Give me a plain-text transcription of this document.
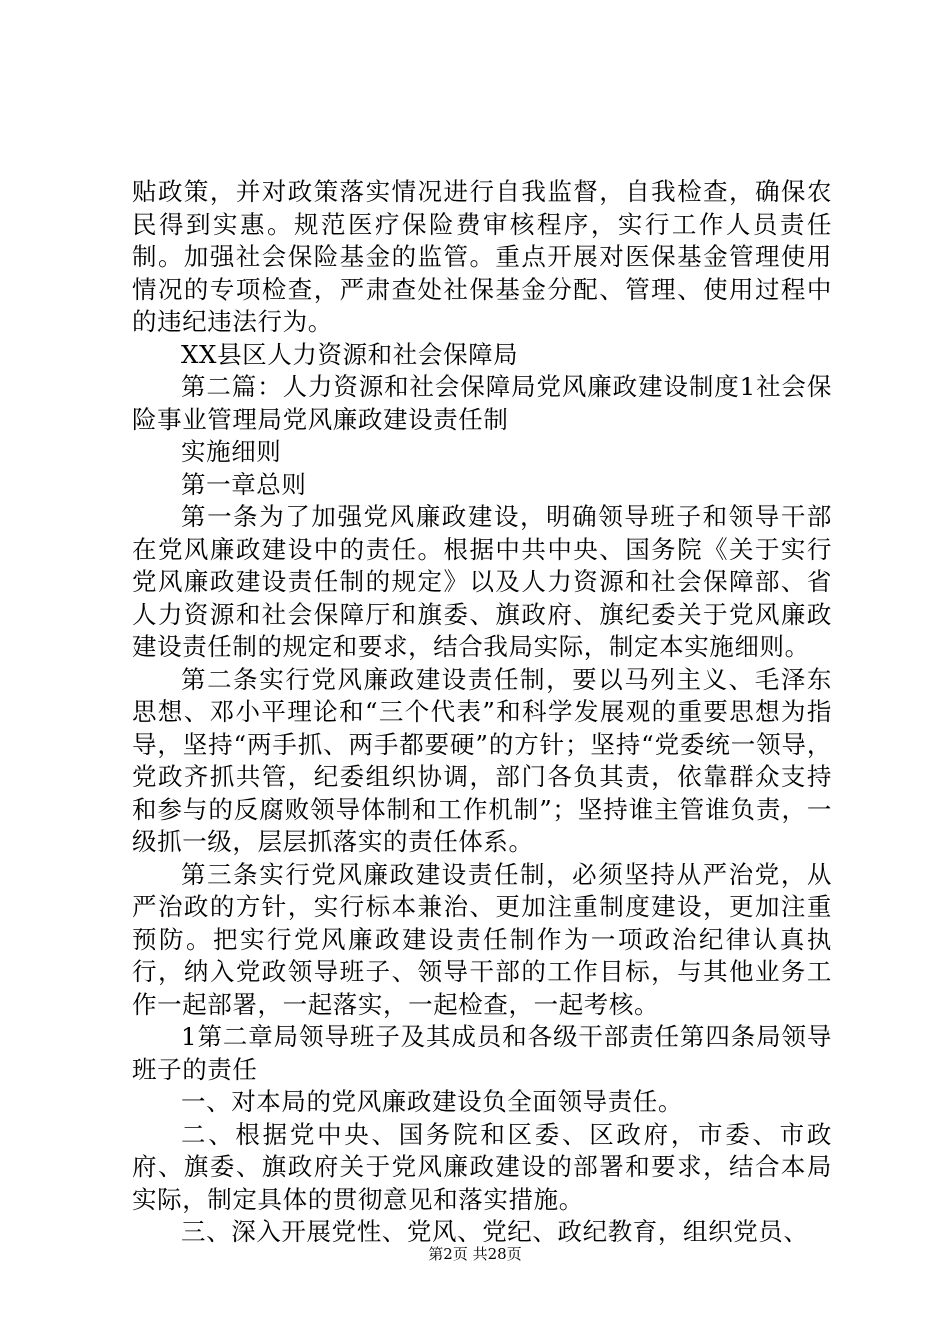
贴政策，并对政策落实情况进行自我监督，自我检查，确保农民得到实惠。规范医疗保险费审核程序，实行工作人员责任制。加强社会保险基金的监管。重点开展对医保基金管理使用情况的专项检查，严肃查处社保基金分配、管理、使用过程中的违纪违法行为。

XX县区人力资源和社会保障局

第二篇：人力资源和社会保障局党风廉政建设制度1社会保险事业管理局党风廉政建设责任制

实施细则

第一章总则

第一条为了加强党风廉政建设，明确领导班子和领导干部在党风廉政建设中的责任。根据中共中央、国务院《关于实行党风廉政建设责任制的规定》以及人力资源和社会保障部、省人力资源和社会保障厅和旗委、旗政府、旗纪委关于党风廉政建设责任制的规定和要求，结合我局实际，制定本实施细则。

第二条实行党风廉政建设责任制，要以马列主义、毛泽东思想、邓小平理论和“三个代表”和科学发展观的重要思想为指导，坚持“两手抓、两手都要硬”的方针；坚持“党委统一领导，党政齐抓共管，纪委组织协调，部门各负其责，依靠群众支持和参与的反腐败领导体制和工作机制”；坚持谁主管谁负责，一级抓一级，层层抓落实的责任体系。

第三条实行党风廉政建设责任制，必须坚持从严治党，从严治政的方针，实行标本兼治、更加注重制度建设，更加注重预防。把实行党风廉政建设责任制作为一项政治纪律认真执行，纳入党政领导班子、领导干部的工作目标，与其他业务工作一起部署，一起落实，一起检查，一起考核。

1第二章局领导班子及其成员和各级干部责任第四条局领导班子的责任

一、对本局的党风廉政建设负全面领导责任。

二、根据党中央、国务院和区委、区政府，市委、市政府、旗委、旗政府关于党风廉政建设的部署和要求，结合本局实际，制定具体的贯彻意见和落实措施。

三、深入开展党性、党风、党纪、政纪教育，组织党员、

第2页 共28页
